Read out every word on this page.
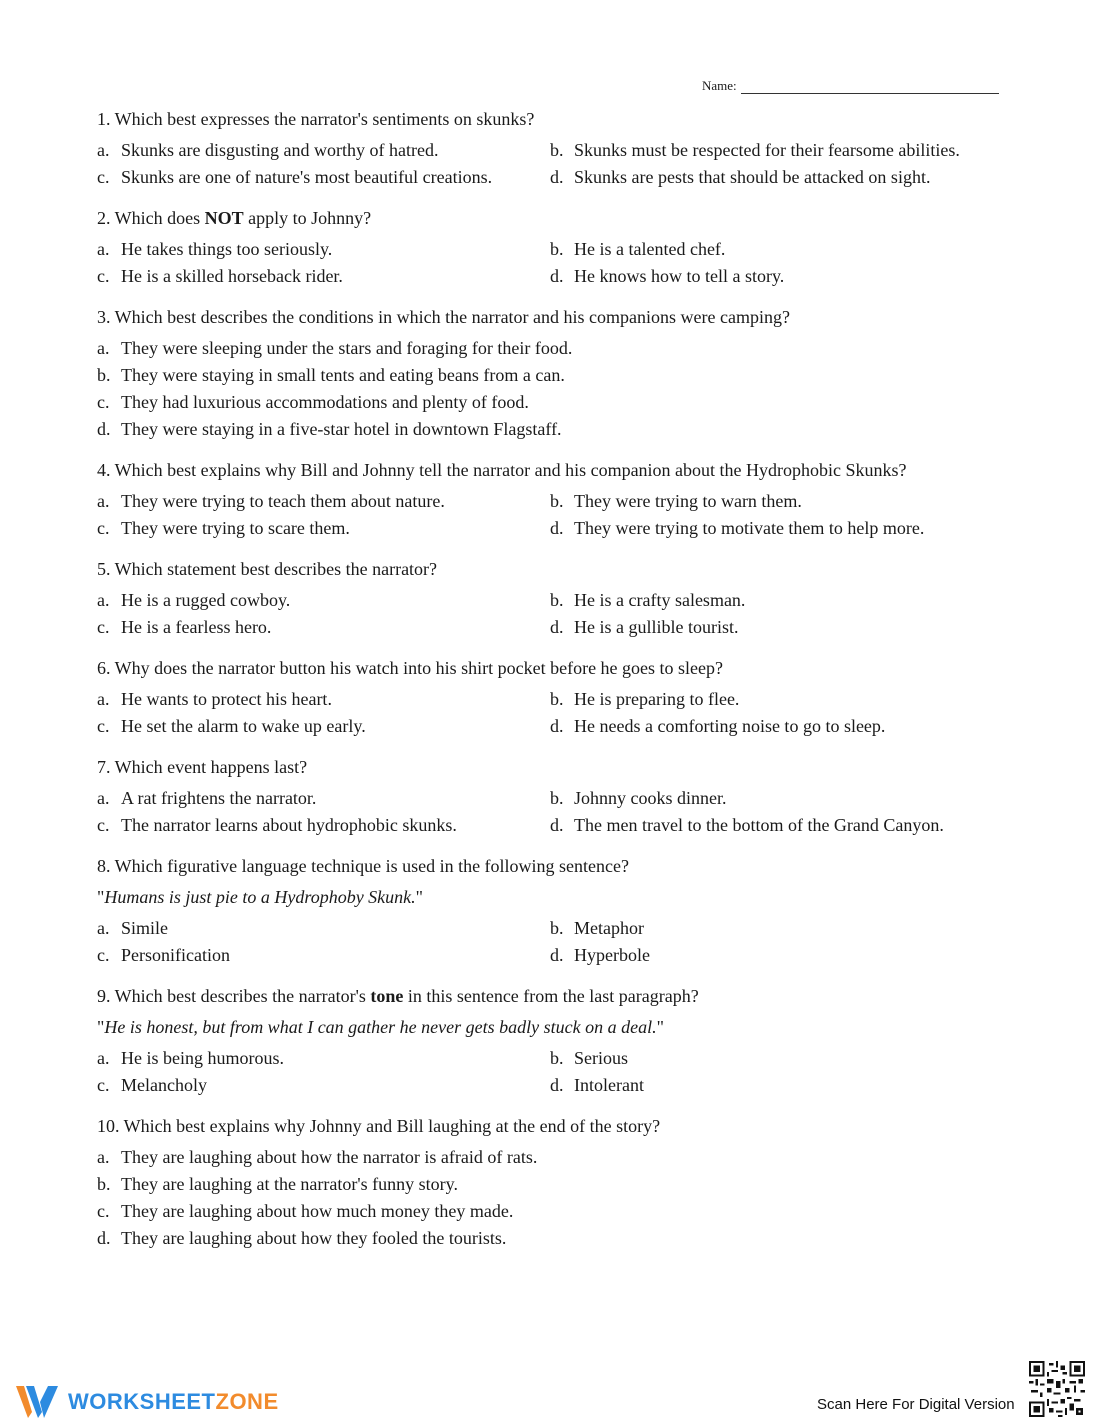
Name:
1. Which best expresses the narrator's sentiments on skunks?
a. Skunks are disgusting and worthy of hatred.	b. Skunks must be respected for their fearsome abilities.
c. Skunks are one of nature's most beautiful creations.	d. Skunks are pests that should be attacked on sight.
2. Which does NOT apply to Johnny?
a. He takes things too seriously.	b. He is a talented chef.
c. He is a skilled horseback rider.	d. He knows how to tell a story.
3. Which best describes the conditions in which the narrator and his companions were camping?
a. They were sleeping under the stars and foraging for their food.
b. They were staying in small tents and eating beans from a can.
c. They had luxurious accommodations and plenty of food.
d. They were staying in a five-star hotel in downtown Flagstaff.
4. Which best explains why Bill and Johnny tell the narrator and his companion about the Hydrophobic Skunks?
a. They were trying to teach them about nature.	b. They were trying to warn them.
c. They were trying to scare them.	d. They were trying to motivate them to help more.
5. Which statement best describes the narrator?
a. He is a rugged cowboy.	b. He is a crafty salesman.
c. He is a fearless hero.	d. He is a gullible tourist.
6. Why does the narrator button his watch into his shirt pocket before he goes to sleep?
a. He wants to protect his heart.	b. He is preparing to flee.
c. He set the alarm to wake up early.	d. He needs a comforting noise to go to sleep.
7. Which event happens last?
a. A rat frightens the narrator.	b. Johnny cooks dinner.
c. The narrator learns about hydrophobic skunks.	d. The men travel to the bottom of the Grand Canyon.
8. Which figurative language technique is used in the following sentence?
"Humans is just pie to a Hydrophoby Skunk."
a. Simile	b. Metaphor
c. Personification	d. Hyperbole
9. Which best describes the narrator's tone in this sentence from the last paragraph?
"He is honest, but from what I can gather he never gets badly stuck on a deal."
a. He is being humorous.	b. Serious
c. Melancholy	d. Intolerant
10. Which best explains why Johnny and Bill laughing at the end of the story?
a. They are laughing about how the narrator is afraid of rats.
b. They are laughing at the narrator's funny story.
c. They are laughing about how much money they made.
d. They are laughing about how they fooled the tourists.
WORKSHEETZONE	Scan Here For Digital Version
